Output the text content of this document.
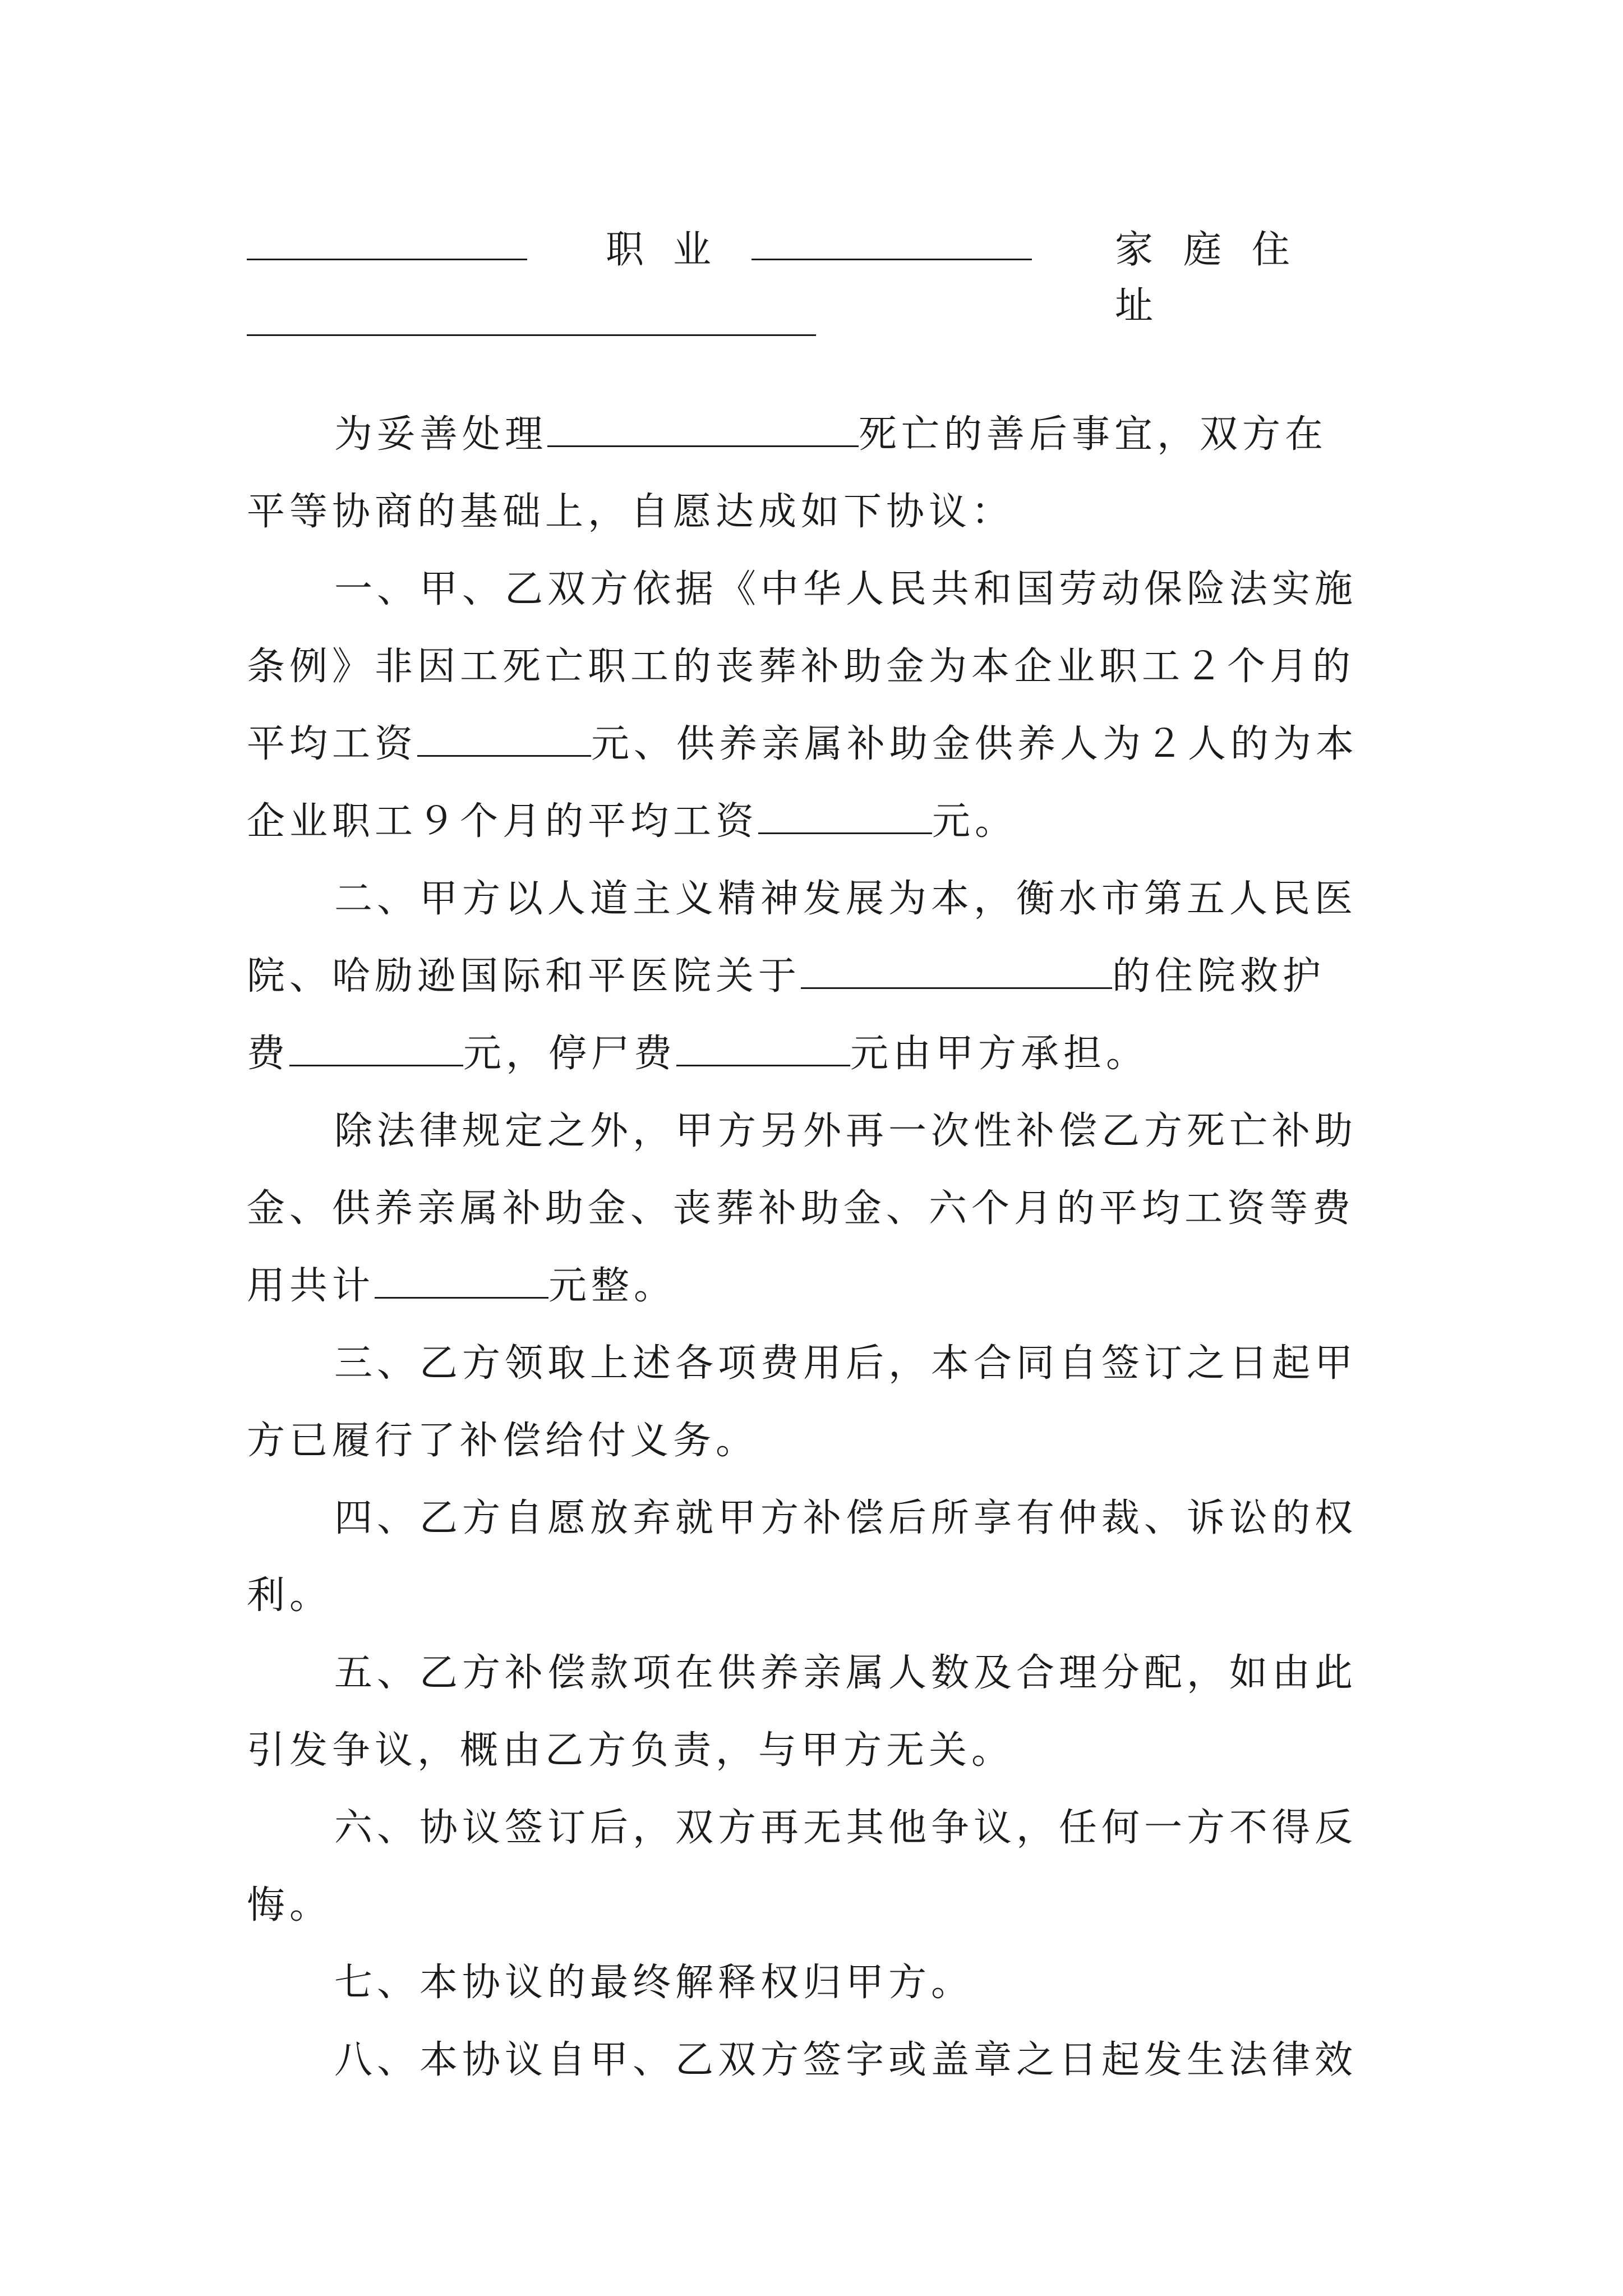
职业	家庭住址
为妥善处理	死亡的善后事宜，双方在
平等协商的基础上，自愿达成如下协议：
一、甲、乙双方依据《中华人民共和国劳动保险法实施
条例》非因工死亡职工的丧葬补助金为本企业职工２个月的
平均工资	元、供养亲属补助金供养人为２人的为本
企业职工９个月的平均工资	元。
二、甲方以人道主义精神发展为本，衡水市第五人民医
院、哈励逊国际和平医院关于	的住院救护
费	元，停尸费	元由甲方承担。
除法律规定之外，甲方另外再一次性补偿乙方死亡补助
金、供养亲属补助金、丧葬补助金、六个月的平均工资等费
用共计	元整。
三、乙方领取上述各项费用后，本合同自签订之日起甲
方已履行了补偿给付义务。
四、乙方自愿放弃就甲方补偿后所享有仲裁、诉讼的权
利。
五、乙方补偿款项在供养亲属人数及合理分配，如由此
引发争议，概由乙方负责，与甲方无关。
六、协议签订后，双方再无其他争议，任何一方不得反
悔。
七、本协议的最终解释权归甲方。
八、本协议自甲、乙双方签字或盖章之日起发生法律效
